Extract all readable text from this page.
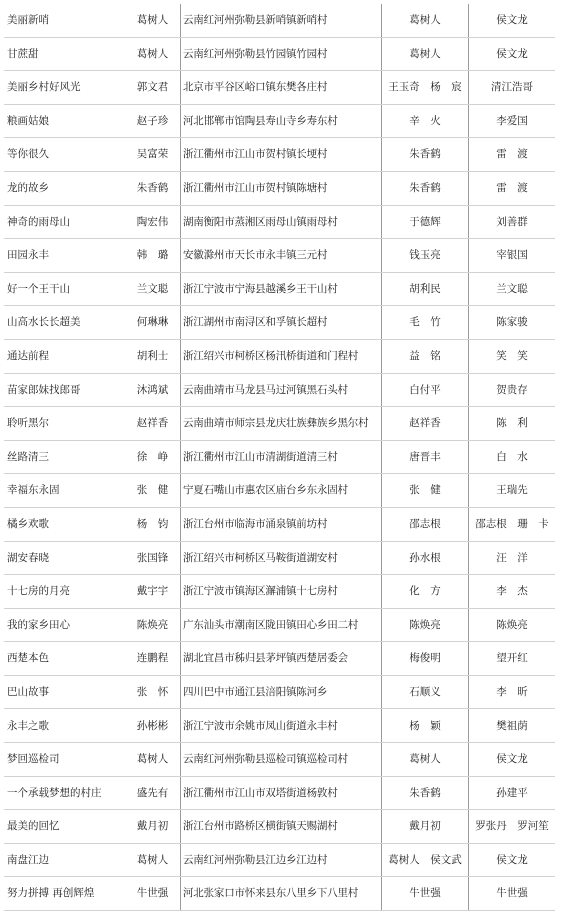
美丽新哨	葛树人	云南红河州弥勒县新哨镇新哨村	葛树人	侯文龙
甘蔗甜	葛树人	云南红河州弥勒县竹园镇竹园村	葛树人	侯文龙
美丽乡村好风光	郭文君	北京市平谷区峪口镇东樊各庄村	王玉奇　杨　宸	清江浩哥
粮画姑娘	赵子珍	河北邯郸市馆陶县寿山寺乡寿东村	辛　火	李爱国
等你很久	吴富荣	浙江衢州市江山市贺村镇长埂村	朱香鹤	雷　渡
龙的故乡	朱香鹤	浙江衢州市江山市贺村镇陈塘村	朱香鹤	雷　渡
神奇的雨母山	陶宏伟	湖南衡阳市蒸湘区雨母山镇雨母村	于德辉	刘善群
田园永丰	韩　璐	安徽滁州市天长市永丰镇三元村	钱玉亮	宰银国
好一个王干山	兰文聪	浙江宁波市宁海县越溪乡王干山村	胡利民	兰文聪
山高水长长超美	何琳琳	浙江湖州市南浔区和孚镇长超村	毛　竹	陈家骏
通达前程	胡利士	浙江绍兴市柯桥区杨汛桥街道和门程村	益　铭	笑　笑
苗家郎妹找郎哥	沐鸿斌	云南曲靖市马龙县马过河镇黑石头村	白付平	贺贵存
聆听黑尔	赵祥香	云南曲靖市师宗县龙庆壮族彝族乡黑尔村	赵祥香	陈　利
丝路清三	徐　峥	浙江衢州市江山市清湖街道清三村	唐晋丰	白　水
幸福东永固	张　健	宁夏石嘴山市惠农区庙台乡东永固村	张　健	王瑞先
橘乡欢歌	杨　钧	浙江台州市临海市涌泉镇前坊村	邵志根	邵志根　珊　卡
湖安春晓	张国锋	浙江绍兴市柯桥区马鞍街道湖安村	孙水根	汪　洋
十七房的月亮	戴宇宇	浙江宁波市镇海区澥浦镇十七房村	化　方	李　杰
我的家乡田心	陈焕亮	广东汕头市潮南区陇田镇田心乡田二村	陈焕亮	陈焕亮
西楚本色	连鹏程	湖北宜昌市秭归县茅坪镇西楚居委会	梅俊明	望开红
巴山故事	张　怀	四川巴中市通江县涪阳镇陈河乡	石顺义	李　昕
永丰之歌	孙彬彬	浙江宁波市余姚市凤山街道永丰村	杨　颖	樊祖荫
梦回巡检司	葛树人	云南红河州弥勒县巡检司镇巡检司村	葛树人	侯文龙
一个承载梦想的村庄	盛先有	浙江衢州市江山市双塔街道杨敦村	朱香鹤	孙建平
最美的回忆	戴月初	浙江台州市路桥区横街镇天赐湖村	戴月初	罗张丹　罗河笙
南盘江边	葛树人	云南红河州弥勒县江边乡江边村	葛树人　侯文武	侯文龙
努力拼搏 再创辉煌	牛世强	河北张家口市怀来县东八里乡下八里村	牛世强	牛世强
